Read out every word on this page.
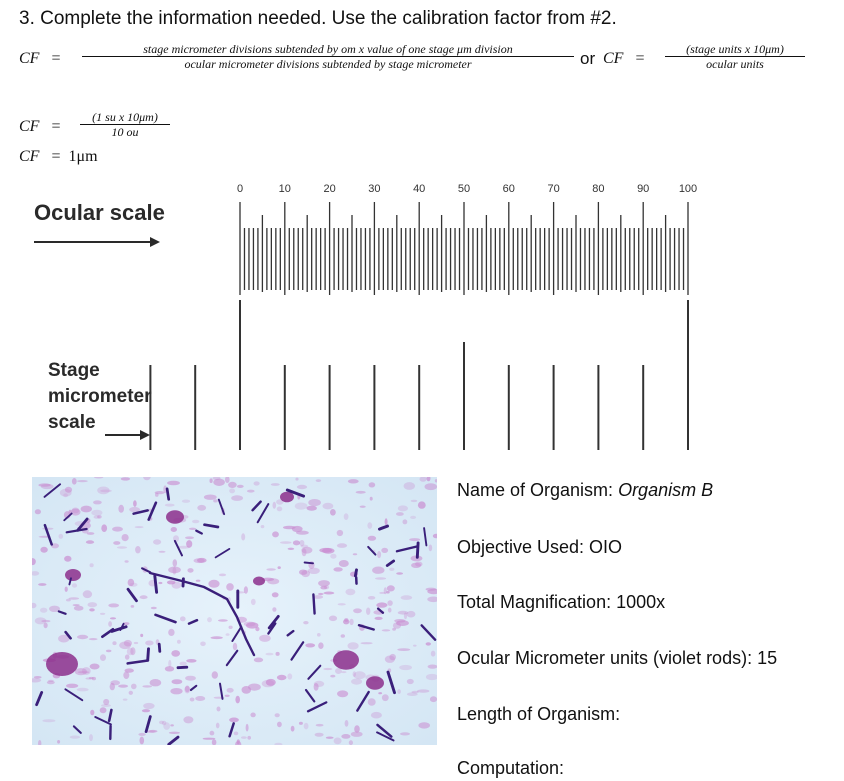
3. Complete the information needed. Use the calibration factor from #2.
CF =
stage micrometer divisions subtended by om x value of one stage μm division
ocular micrometer divisions subtended by stage micrometer	or CF =
(stage units x 10μm)
ocular units
CF = $\frac{\text{(1 su x 10μm)}}{10 ou}$
CF = 1μm
Ocular scale
0	10	20	30	40	50	60	70	80	90	100
Stage
micrometer
scale
Name of Organism: Organism B
Objective Used: OIO
Total Magnification: 1000x
Ocular Micrometer units (violet rods): 15
Length of Organism:
Computation:
